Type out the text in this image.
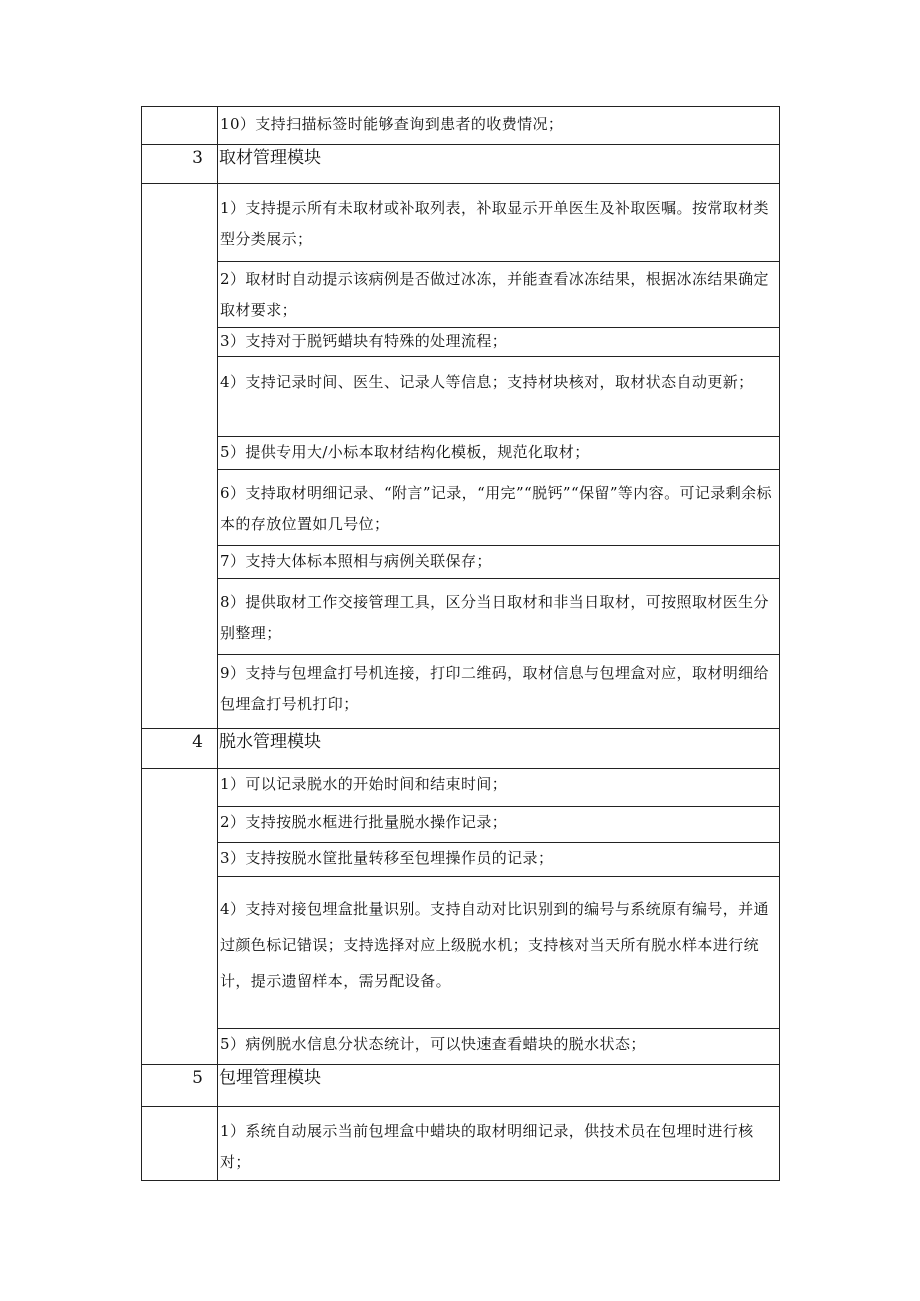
	10）支持扫描标签时能够查询到患者的收费情况；

3	取材管理模块

	1）支持提示所有未取材或补取列表，补取显示开单医生及补取医嘱。按常取材类型分类展示；

	2）取材时自动提示该病例是否做过冰冻，并能查看冰冻结果，根据冰冻结果确定取材要求；

	3）支持对于脱钙蜡块有特殊的处理流程；

	4）支持记录时间、医生、记录人等信息；支持材块核对，取材状态自动更新；

	5）提供专用大/小标本取材结构化模板，规范化取材；

	6）支持取材明细记录、“附言”记录，“用完”“脱钙”“保留”等内容。可记录剩余标本的存放位置如几号位；

	7）支持大体标本照相与病例关联保存；

	8）提供取材工作交接管理工具，区分当日取材和非当日取材，可按照取材医生分别整理；

	9）支持与包埋盒打号机连接，打印二维码，取材信息与包埋盒对应，取材明细给包埋盒打号机打印；

4	脱水管理模块

	1）可以记录脱水的开始时间和结束时间；

	2）支持按脱水框进行批量脱水操作记录；

	3）支持按脱水筐批量转移至包埋操作员的记录；

	4）支持对接包埋盒批量识别。支持自动对比识别到的编号与系统原有编号，并通过颜色标记错误；支持选择对应上级脱水机；支持核对当天所有脱水样本进行统计，提示遗留样本，需另配设备。

	5）病例脱水信息分状态统计，可以快速查看蜡块的脱水状态；

5	包埋管理模块

	1）系统自动展示当前包埋盒中蜡块的取材明细记录，供技术员在包埋时进行核对；
